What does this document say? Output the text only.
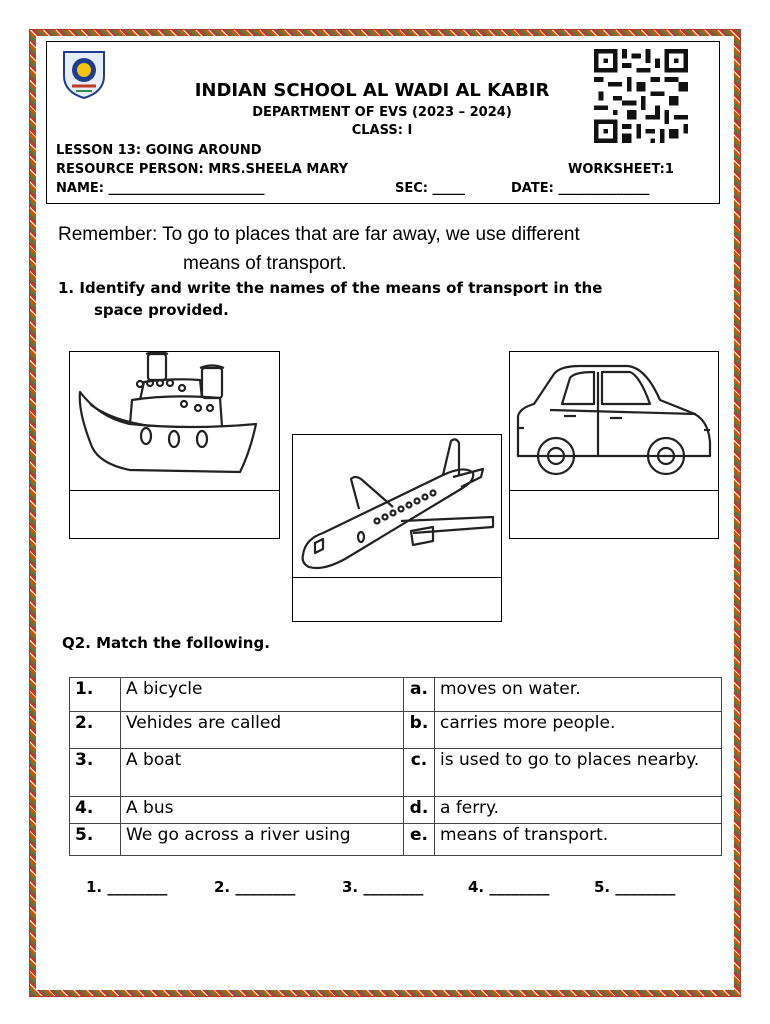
INDIAN SCHOOL AL WADI AL KABIR
DEPARTMENT OF EVS (2023 – 2024)
CLASS: I
LESSON 13: GOING AROUND
RESOURCE PERSON: MRS.SHEELA MARY	WORKSHEET:1
NAME: ________________________	SEC: _____	DATE: ______________
Remember: To go to places that are far away, we use different
means of transport.
1. Identify and write the names of the means of transport in the
space provided.
Q2. Match the following.
1.	A bicycle	a.	moves on water.
2.	Vehides are called	b.	carries more people.
3.	A boat	c.	is used to go to places nearby.
4.	A bus	d.	a ferry.
5.	We go across a river using	e.	means of transport.
1. ________	2. ________	3. ________	4. ________	5. ________
